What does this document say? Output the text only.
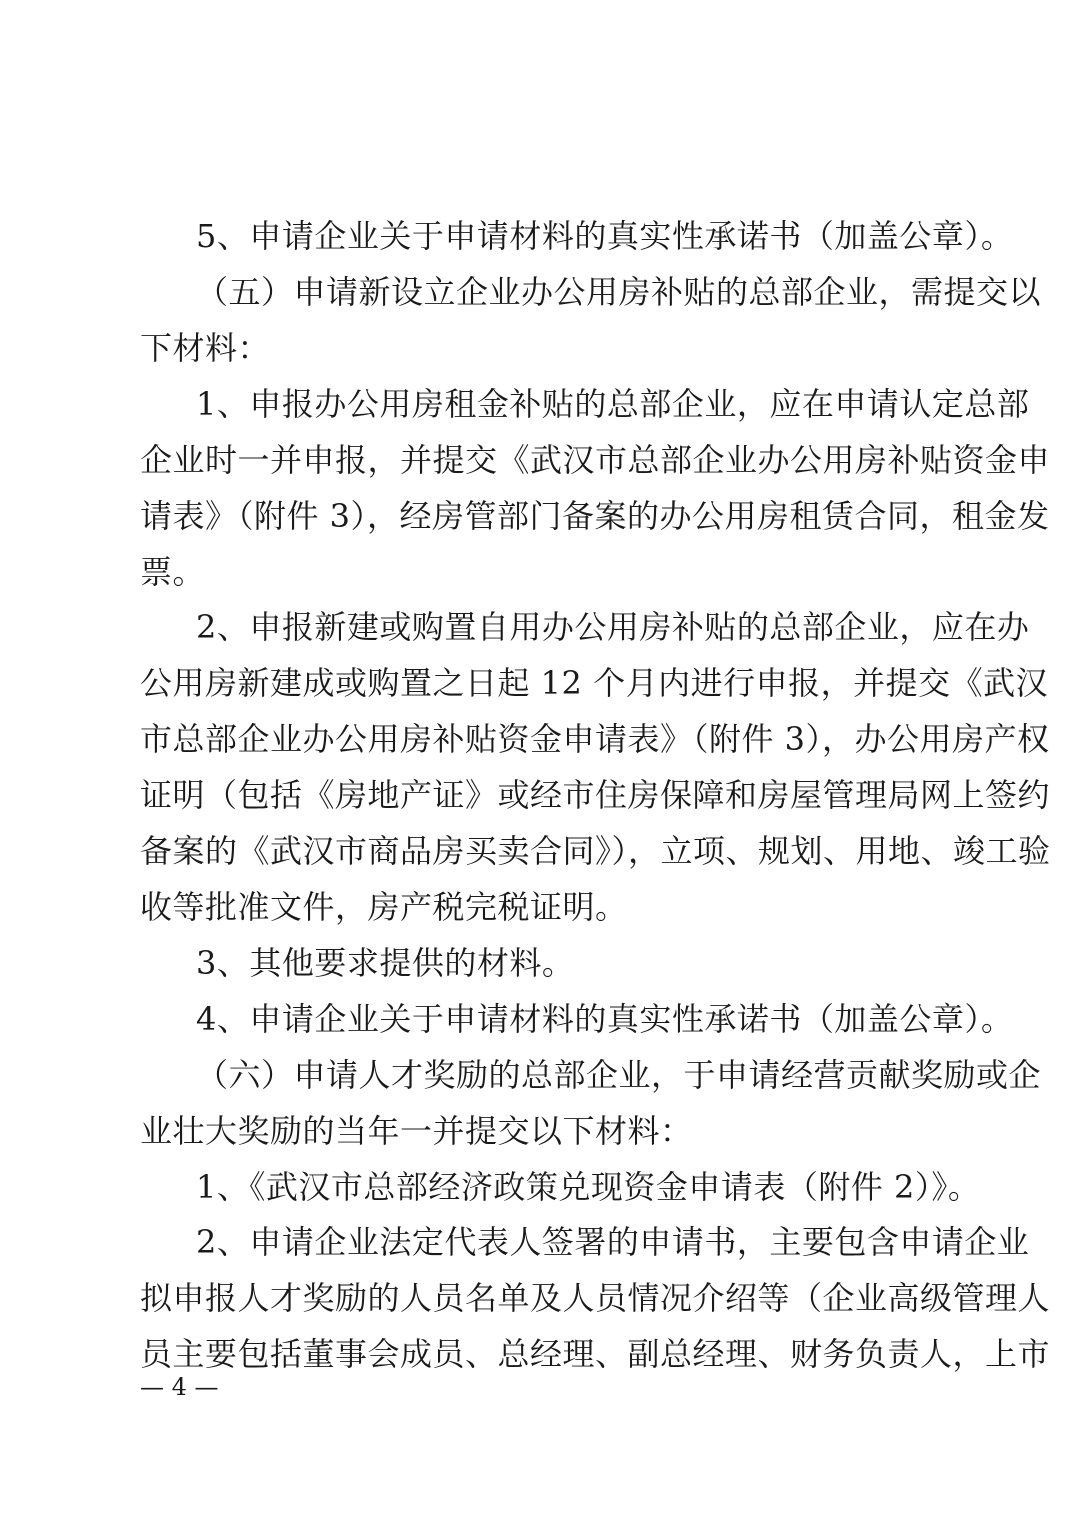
5、申请企业关于申请材料的真实性承诺书（加盖公章）。
（五）申请新设立企业办公用房补贴的总部企业，需提交以
下材料：
1、申报办公用房租金补贴的总部企业，应在申请认定总部
企业时一并申报，并提交《武汉市总部企业办公用房补贴资金申
请表》（附件 3），经房管部门备案的办公用房租赁合同，租金发
票。
2、申报新建或购置自用办公用房补贴的总部企业，应在办
公用房新建成或购置之日起 12 个月内进行申报，并提交《武汉
市总部企业办公用房补贴资金申请表》（附件 3），办公用房产权
证明（包括《房地产证》或经市住房保障和房屋管理局网上签约
备案的《武汉市商品房买卖合同》），立项、规划、用地、竣工验
收等批准文件，房产税完税证明。
3、其他要求提供的材料。
4、申请企业关于申请材料的真实性承诺书（加盖公章）。
（六）申请人才奖励的总部企业，于申请经营贡献奖励或企
业壮大奖励的当年一并提交以下材料：
1、《武汉市总部经济政策兑现资金申请表（附件 2）》。
2、申请企业法定代表人签署的申请书，主要包含申请企业
拟申报人才奖励的人员名单及人员情况介绍等（企业高级管理人
员主要包括董事会成员、总经理、副总经理、财务负责人，上市
— 4 —
